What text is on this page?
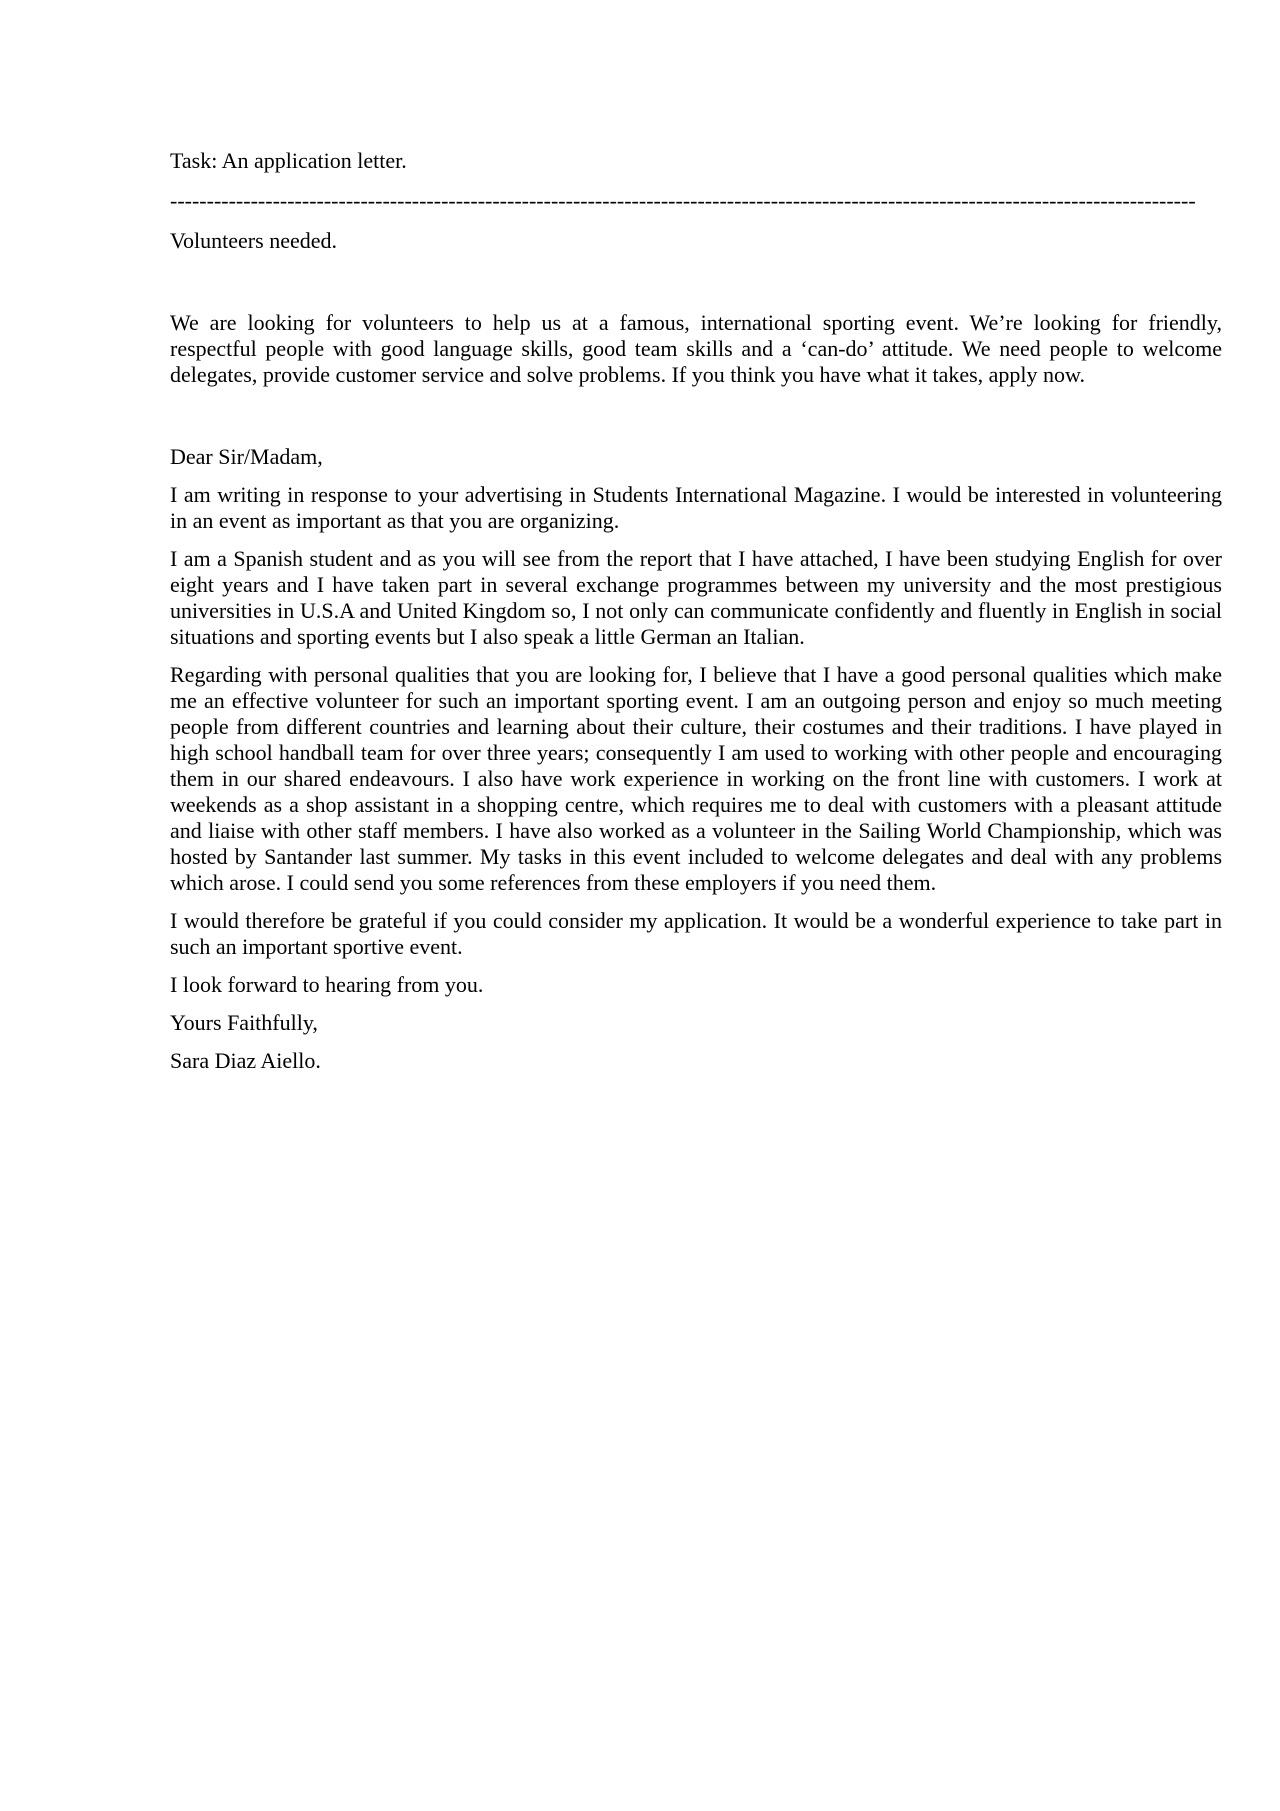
Task: An application letter.

--------------------------------------------------------------------------------------------------------------------------------------------

Volunteers needed.

We are looking for volunteers to help us at a famous, international sporting event. We’re looking for friendly, respectful people with good language skills, good team skills and a ‘can-do’ attitude. We need people to welcome delegates, provide customer service and solve problems. If you think you have what it takes, apply now.

Dear Sir/Madam,

I am writing in response to your advertising in Students International Magazine. I would be interested in volunteering in an event as important as that you are organizing.

I am a Spanish student and as you will see from the report that I have attached, I have been studying English for over eight years and I have taken part in several exchange programmes between my university and the most prestigious universities in U.S.A and United Kingdom so, I not only can communicate confidently and fluently in English in social situations and sporting events but I also speak a little German an Italian.

Regarding with personal qualities that you are looking for, I believe that I have a good personal qualities which make me an effective volunteer for such an important sporting event. I am an outgoing person and enjoy so much meeting people from different countries and learning about their culture, their costumes and their traditions. I have played in high school handball team for over three years; consequently I am used to working with other people and encouraging them in our shared endeavours. I also have work experience in working on the front line with customers. I work at weekends as a shop assistant in a shopping centre, which requires me to deal with customers with a pleasant attitude and liaise with other staff members. I have also worked as a volunteer in the Sailing World Championship, which was hosted by Santander last summer. My tasks in this event included to welcome delegates and deal with any problems which arose. I could send you some references from these employers if you need them.

I would therefore be grateful if you could consider my application. It would be a wonderful experience to take part in such an important sportive event.

I look forward to hearing from you.

Yours Faithfully,

Sara Diaz Aiello.
